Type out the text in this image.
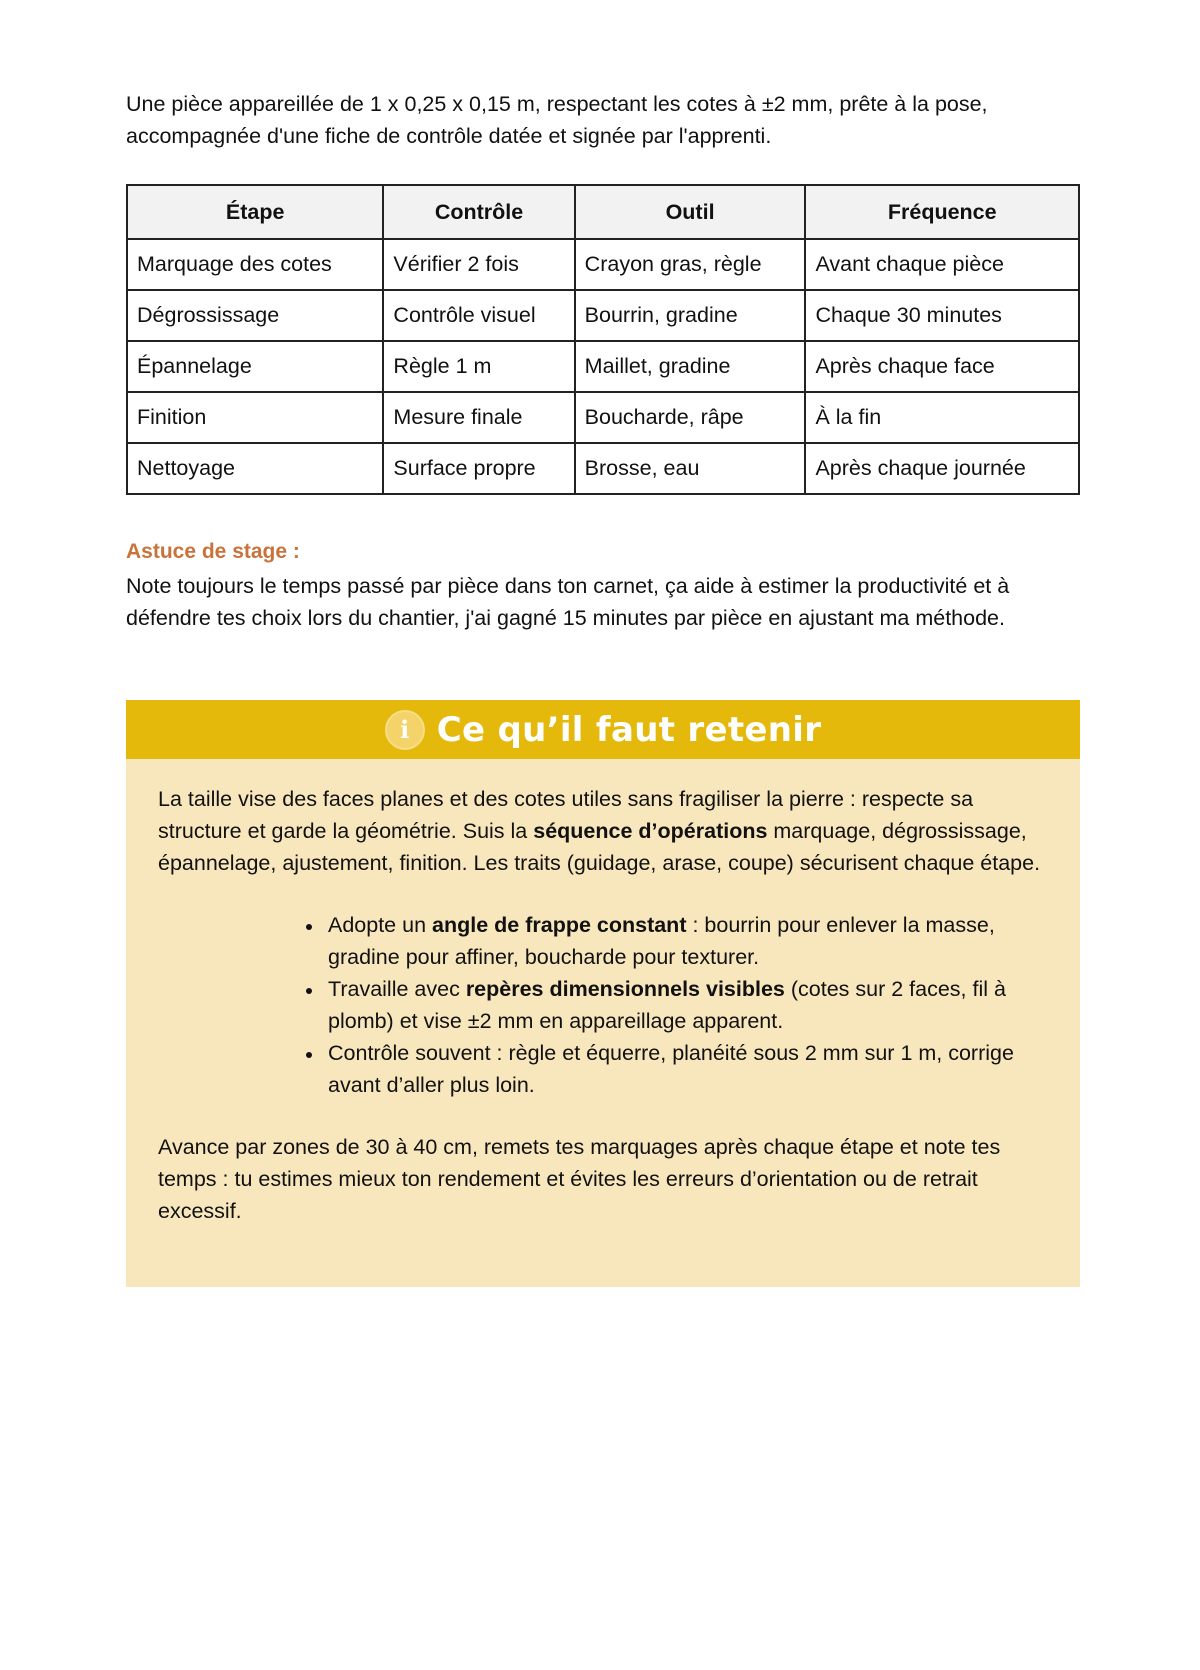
Une pièce appareillée de 1 x 0,25 x 0,15 m, respectant les cotes à ±2 mm, prête à la pose, accompagnée d'une fiche de contrôle datée et signée par l'apprenti.

Étape	Contrôle	Outil	Fréquence
Marquage des cotes	Vérifier 2 fois	Crayon gras, règle	Avant chaque pièce
Dégrossissage	Contrôle visuel	Bourrin, gradine	Chaque 30 minutes
Épannelage	Règle 1 m	Maillet, gradine	Après chaque face
Finition	Mesure finale	Boucharde, râpe	À la fin
Nettoyage	Surface propre	Brosse, eau	Après chaque journée
Astuce de stage :

Note toujours le temps passé par pièce dans ton carnet, ça aide à estimer la productivité et à défendre tes choix lors du chantier, j'ai gagné 15 minutes par pièce en ajustant ma méthode.

i Ce qu’il faut retenir

La taille vise des faces planes et des cotes utiles sans fragiliser la pierre : respecte sa structure et garde la géométrie. Suis la séquence d’opérations marquage, dégrossissage, épannelage, ajustement, finition. Les traits (guidage, arase, coupe) sécurisent chaque étape.

• Adopte un angle de frappe constant : bourrin pour enlever la masse, gradine pour affiner, boucharde pour texturer.
• Travaille avec repères dimensionnels visibles (cotes sur 2 faces, fil à plomb) et vise ±2 mm en appareillage apparent.
• Contrôle souvent : règle et équerre, planéité sous 2 mm sur 1 m, corrige avant d’aller plus loin.

Avance par zones de 30 à 40 cm, remets tes marquages après chaque étape et note tes temps : tu estimes mieux ton rendement et évites les erreurs d’orientation ou de retrait excessif.
